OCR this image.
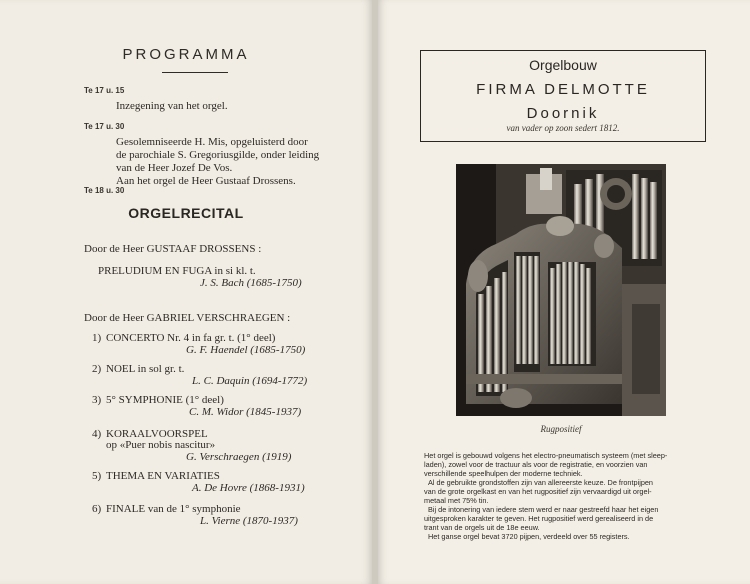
PROGRAMMA
Te 17 u. 15
Inzegening van het orgel.
Te 17 u. 30
Gesolemniseerde H. Mis, opgeluisterd door
de parochiale S. Gregoriusgilde, onder leiding
van de Heer Jozef De Vos.
Aan het orgel de Heer Gustaaf Drossens.
Te 18 u. 30
ORGELRECITAL
Door de Heer GUSTAAF DROSSENS :
PRELUDIUM EN FUGA in si kl. t.
J. S. Bach (1685-1750)
Door de Heer GABRIEL VERSCHRAEGEN :
1) CONCERTO Nr. 4 in fa gr. t. (1° deel)
G. F. Haendel (1685-1750)
2) NOEL in sol gr. t.
L. C. Daquin (1694-1772)
3) 5° SYMPHONIE (1° deel)
C. M. Widor (1845-1937)
4) KORAALVOORSPEL
op «Puer nobis nascitur»
G. Verschraegen (1919)
5) THEMA EN VARIATIES
A. De Hovre (1868-1931)
6) FINALE van de 1° symphonie
L. Vierne (1870-1937)
Orgelbouw
FIRMA DELMOTTE
Doornik
van vader op zoon sedert 1812.
Rugpositief
Het orgel is gebouwd volgens het electro-pneumatisch systeem (met sleep-
laden), zowel voor de tractuur als voor de registratie, en voorzien van
verschillende speelhulpen der moderne techniek.
Al de gebruikte grondstoffen zijn van allereerste keuze. De frontpijpen
van de grote orgelkast en van het rugpositief zijn vervaardigd uit orgel-
metaal met 75% tin.
Bij de intonering van iedere stem werd er naar gestreefd haar het eigen
uitgesproken karakter te geven. Het rugpositief werd gerealiseerd in de
trant van de orgels uit de 18e eeuw.
Het ganse orgel bevat 3720 pijpen, verdeeld over 55 registers.
